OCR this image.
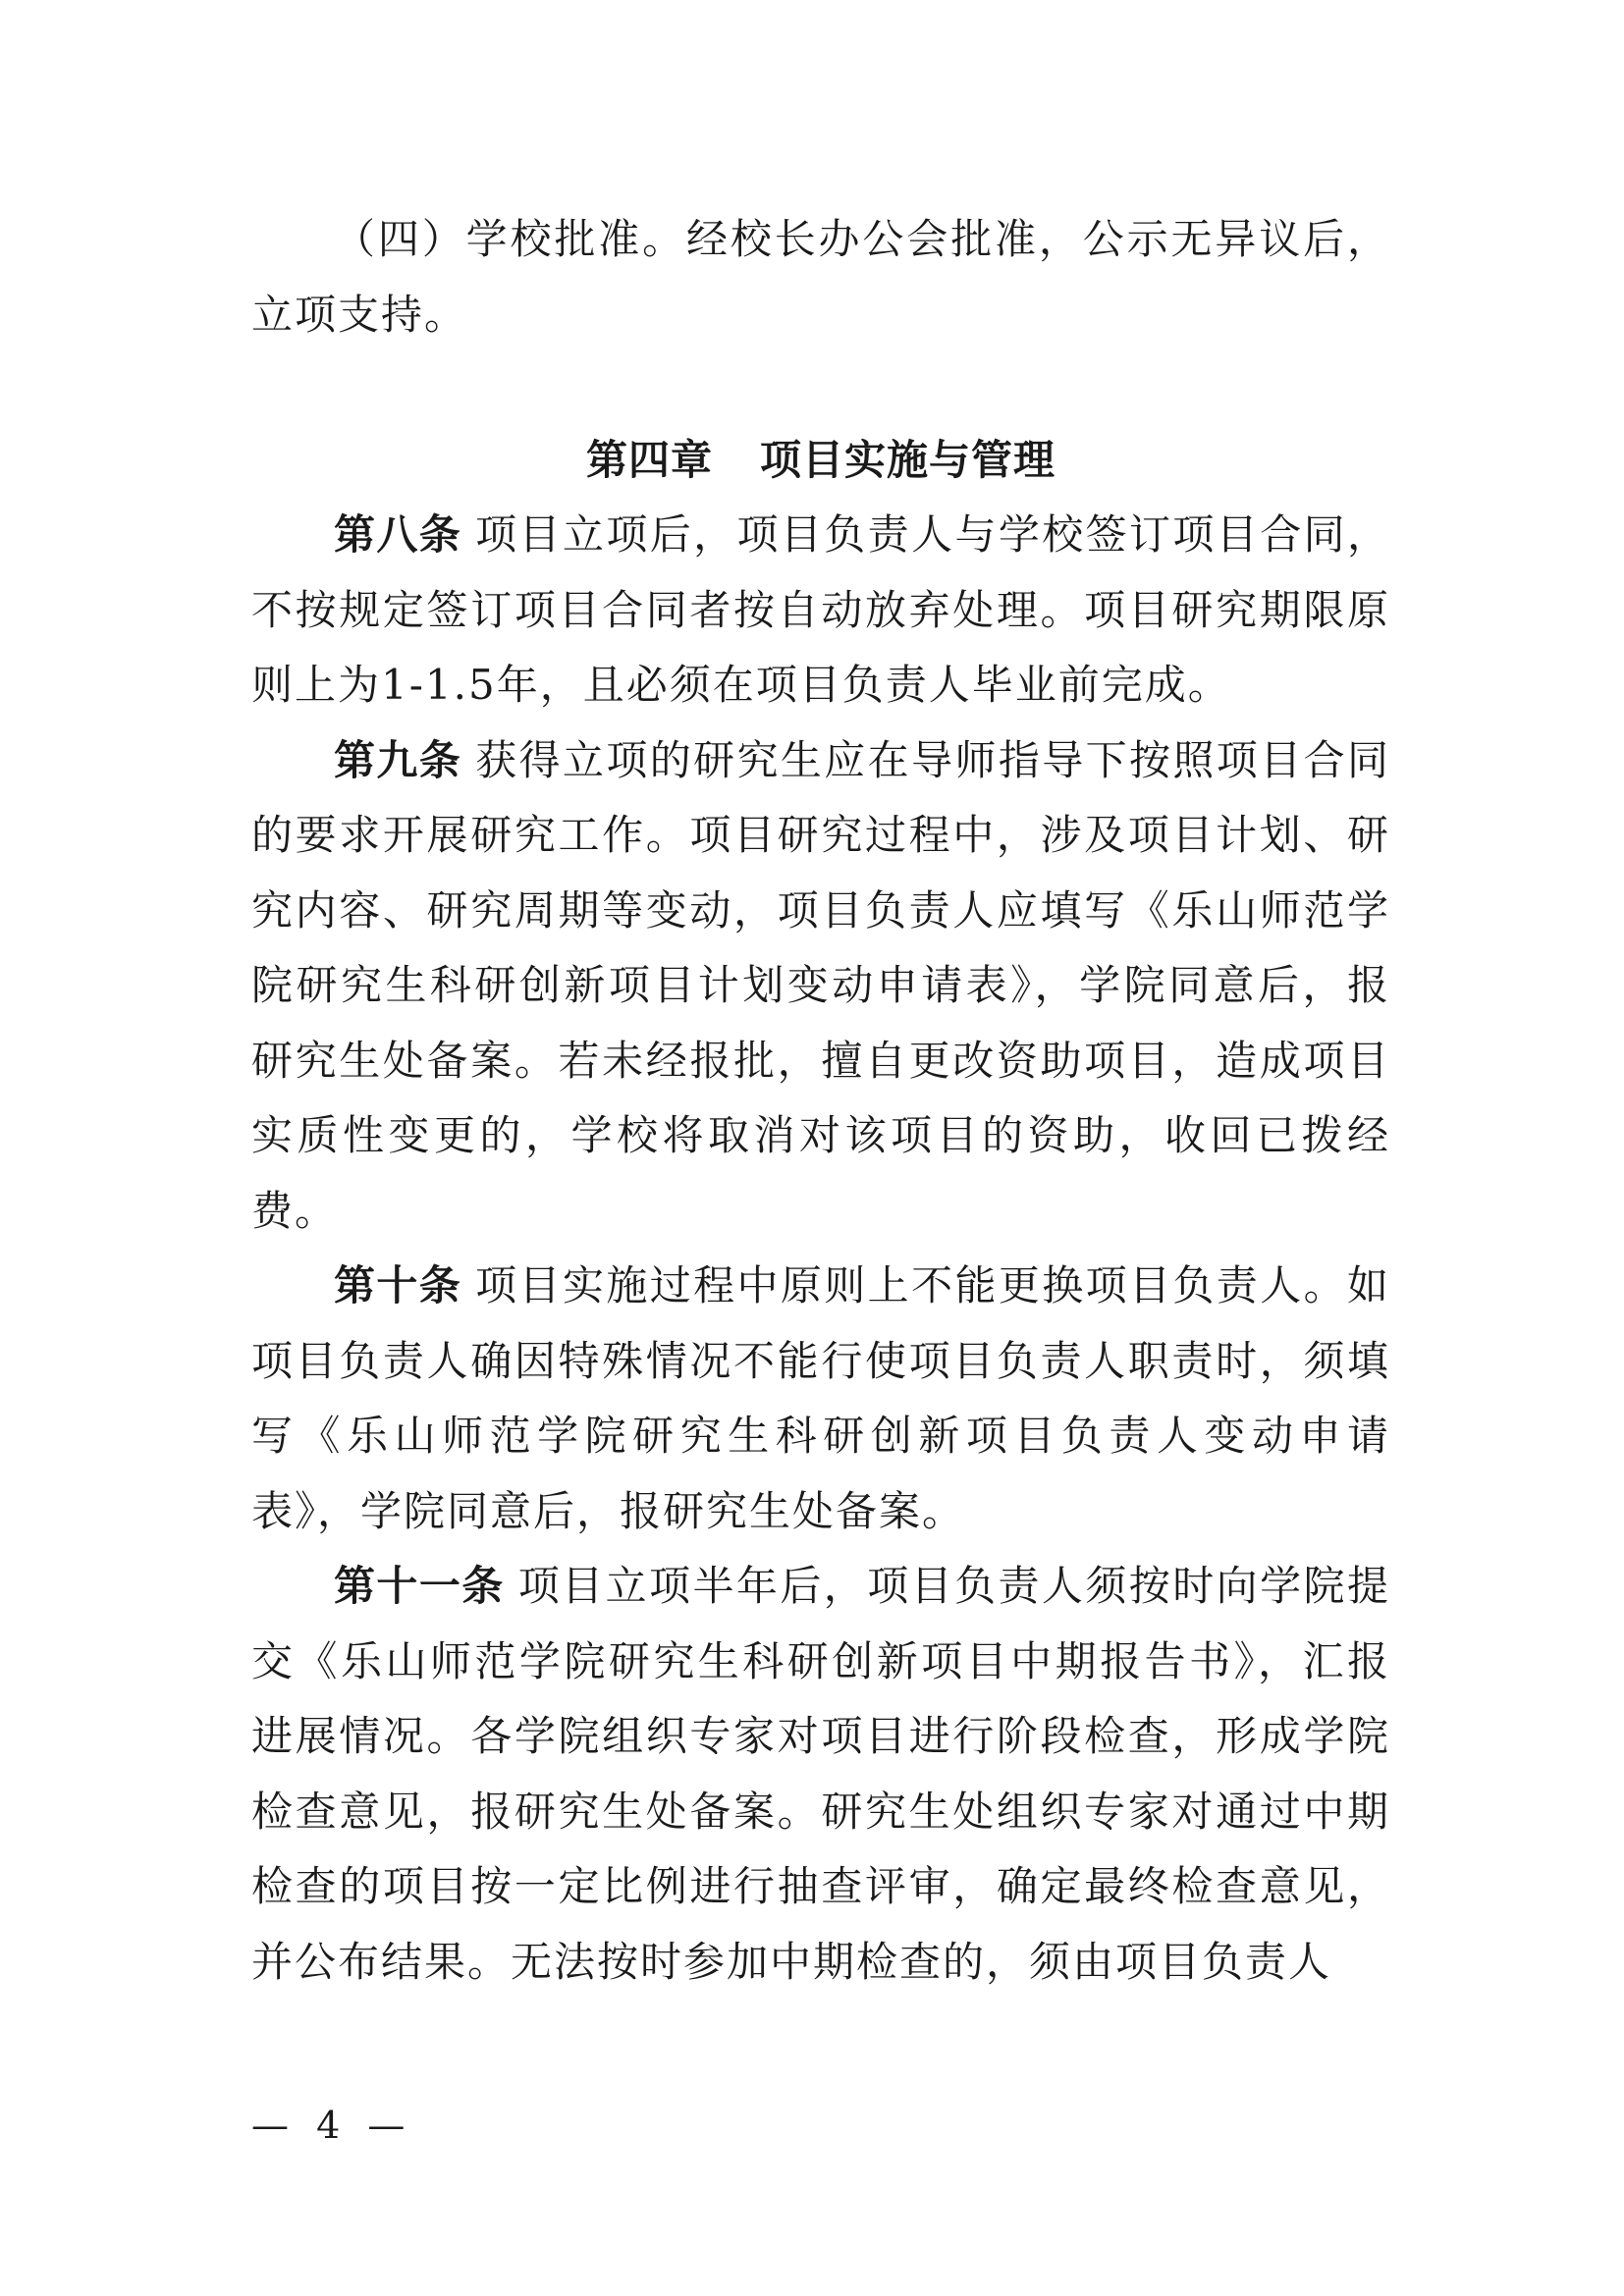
（四）学校批准。经校长办公会批准，公示无异议后，立项支持。

第四章 项目实施与管理

第八条 项目立项后，项目负责人与学校签订项目合同，不按规定签订项目合同者按自动放弃处理。项目研究期限原则上为1-1.5年，且必须在项目负责人毕业前完成。

第九条 获得立项的研究生应在导师指导下按照项目合同的要求开展研究工作。项目研究过程中，涉及项目计划、研究内容、研究周期等变动，项目负责人应填写《乐山师范学院研究生科研创新项目计划变动申请表》，学院同意后，报研究生处备案。若未经报批，擅自更改资助项目，造成项目实质性变更的，学校将取消对该项目的资助，收回已拨经费。

第十条 项目实施过程中原则上不能更换项目负责人。如项目负责人确因特殊情况不能行使项目负责人职责时，须填写《乐山师范学院研究生科研创新项目负责人变动申请表》，学院同意后，报研究生处备案。

第十一条 项目立项半年后，项目负责人须按时向学院提交《乐山师范学院研究生科研创新项目中期报告书》，汇报进展情况。各学院组织专家对项目进行阶段检查，形成学院检查意见，报研究生处备案。研究生处组织专家对通过中期检查的项目按一定比例进行抽查评审，确定最终检查意见，并公布结果。无法按时参加中期检查的，须由项目负责人

— 4 —
